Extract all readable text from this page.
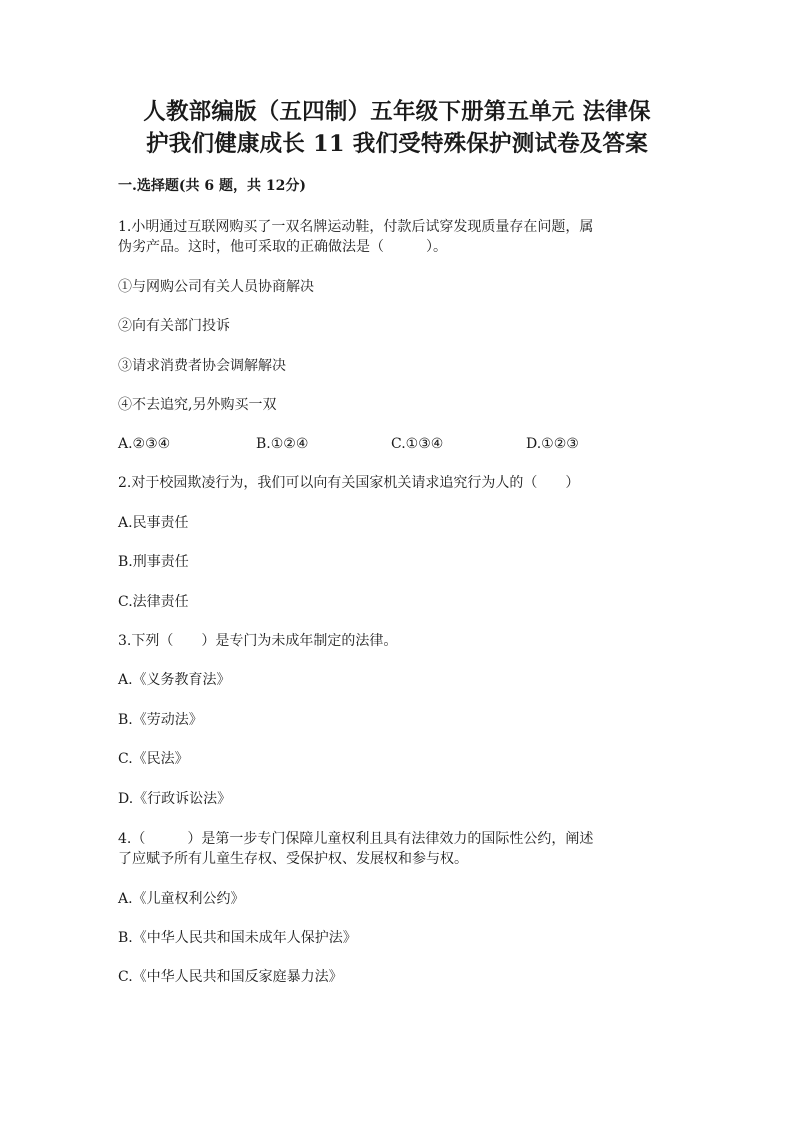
人教部编版（五四制）五年级下册第五单元 法律保
护我们健康成长 11 我们受特殊保护测试卷及答案
一.选择题(共 6 题，共 12分)
1.小明通过互联网购买了一双名牌运动鞋，付款后试穿发现质量存在问题，属
伪劣产品。这时，他可采取的正确做法是（　　　）。
①与网购公司有关人员协商解决
②向有关部门投诉
③请求消费者协会调解解决
④不去追究,另外购买一双
A.②③④	B.①②④	C.①③④	D.①②③
2.对于校园欺凌行为，我们可以向有关国家机关请求追究行为人的（　　）
A.民事责任
B.刑事责任
C.法律责任
3.下列（　　）是专门为未成年制定的法律。
A.《义务教育法》
B.《劳动法》
C.《民法》
D.《行政诉讼法》
4.（　　　）是第一步专门保障儿童权利且具有法律效力的国际性公约，阐述
了应赋予所有儿童生存权、受保护权、发展权和参与权。
A.《儿童权利公约》
B.《中华人民共和国未成年人保护法》
C.《中华人民共和国反家庭暴力法》
